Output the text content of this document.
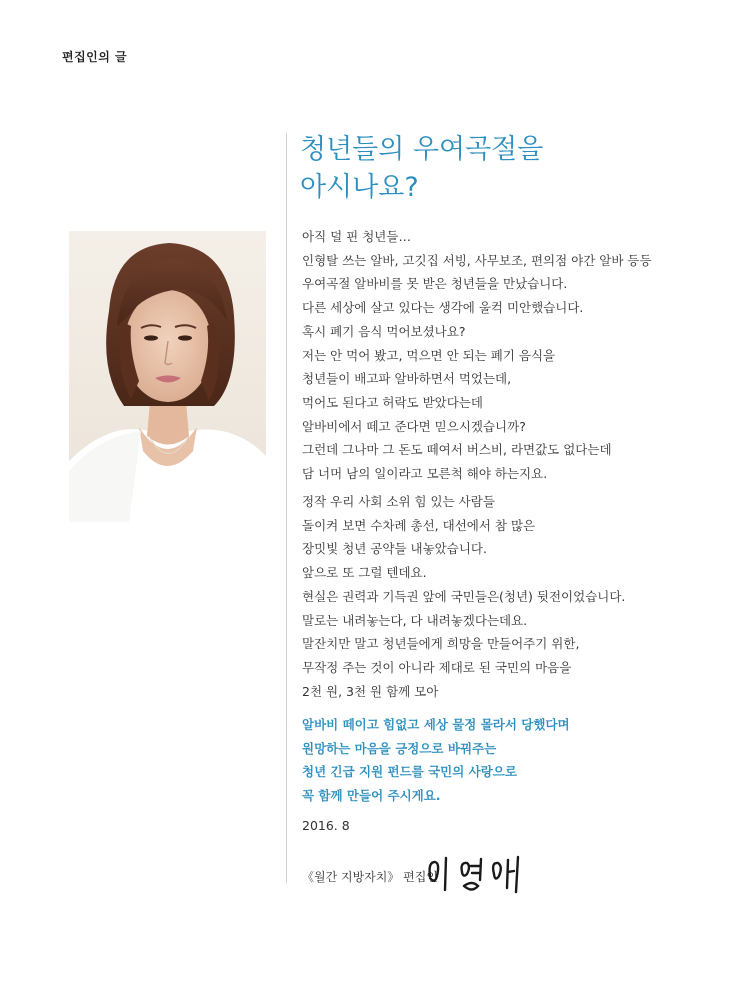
편집인의 글
청년들의 우여곡절을
아시나요?
아직 덜 핀 청년들…
인형탈 쓰는 알바, 고깃집 서빙, 사무보조, 편의점 야간 알바 등등
우여곡절 알바비를 못 받은 청년들을 만났습니다.
다른 세상에 살고 있다는 생각에 울컥 미안했습니다.
혹시 폐기 음식 먹어보셨나요?
저는 안 먹어 봤고, 먹으면 안 되는 폐기 음식을
청년들이 배고파 알바하면서 먹었는데,
먹어도 된다고 허락도 받았다는데
알바비에서 떼고 준다면 믿으시겠습니까?
그런데 그나마 그 돈도 떼여서 버스비, 라면값도 없다는데
담 너머 남의 일이라고 모른척 해야 하는지요.
정작 우리 사회 소위 힘 있는 사람들
돌이켜 보면 수차례 총선, 대선에서 참 많은
장밋빛 청년 공약들 내놓았습니다.
앞으로 또 그럴 텐데요.
현실은 권력과 기득권 앞에 국민들은(청년) 뒷전이었습니다.
말로는 내려놓는다, 다 내려놓겠다는데요.
말잔치만 말고 청년들에게 희망을 만들어주기 위한,
무작정 주는 것이 아니라 제대로 된 국민의 마음을
2천 원, 3천 원 함께 모아
알바비 떼이고 힘없고 세상 물정 몰라서 당했다며
원망하는 마음을 긍정으로 바꿔주는
청년 긴급 지원 펀드를 국민의 사랑으로
꼭 함께 만들어 주시게요.
2016. 8
《월간 지방자치》 편집인
